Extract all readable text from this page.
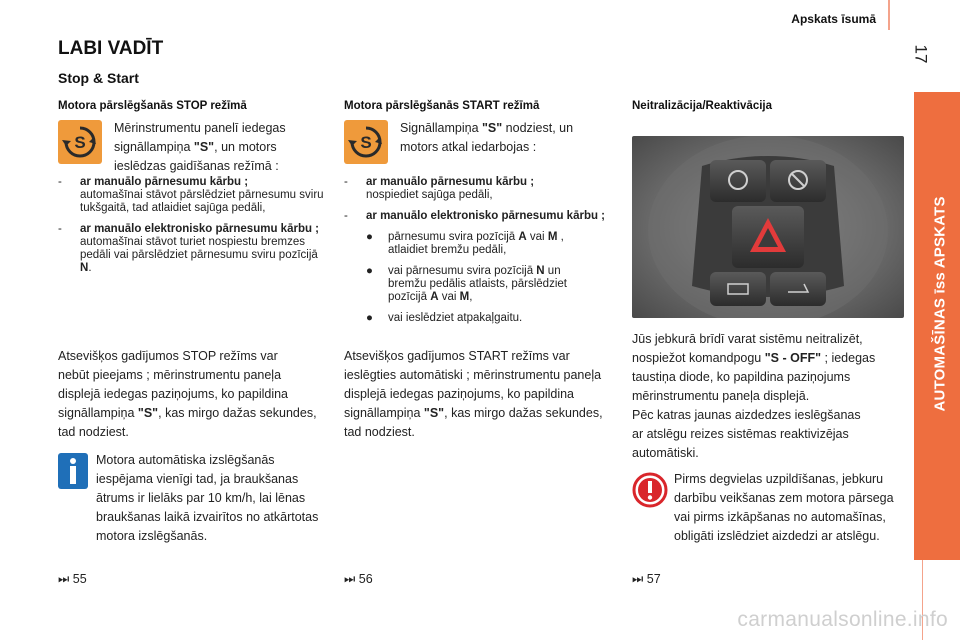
Apskats īsumā
17
AUTOMAŠĪNAS īss APSKATS
LABI VADĪT
Stop & Start
Motora pārslēgšanās STOP režīmā
S
Mērinstrumentu panelī iedegas
signāllampiņa "S", un motors
ieslēdzas gaidīšanas režīmā :
-	ar manuālo pārnesumu kārbu ;
automašīnai stāvot pārslēdziet pārnesumu sviru tukšgaitā, tad atlaidiet sajūga pedāli,
-	ar manuālo elektronisko pārnesumu kārbu ; automašīnai stāvot turiet nospiestu bremzes pedāli vai pārslēdziet pārnesumu sviru pozīcijā N.
Atsevišķos gadījumos STOP režīms var
nebūt pieejams ; mērinstrumentu paneļa
displejā iedegas paziņojums, ko papildina
signāllampiņa "S", kas mirgo dažas sekundes,
tad nodziest.
Motora automātiska izslēgšanās
iespējama vienīgi tad, ja braukšanas
ātrums ir lielāks par 10 km/h, lai lēnas
braukšanas laikā izvairītos no atkārtotas
motora izslēgšanās.
⏭ 55
Motora pārslēgšanās START režīmā
S
Signāllampiņa "S" nodziest, un
motors atkal iedarbojas :
-	ar manuālo pārnesumu kārbu ;
nospiediet sajūga pedāli,
-	ar manuālo elektronisko pārnesumu kārbu ;
●	pārnesumu svira pozīcijā A vai M ,
atlaidiet bremžu pedāli,
●	vai pārnesumu svira pozīcijā N un
bremžu pedālis atlaists, pārslēdziet
pozīcijā A vai M,
●	vai ieslēdziet atpakaļgaitu.
Atsevišķos gadījumos START režīms var
ieslēgties automātiski ; mērinstrumentu paneļa
displejā iedegas paziņojums, ko papildina
signāllampiņa "S", kas mirgo dažas sekundes,
tad nodziest.
⏭ 56
Neitralizācija/Reaktivācija
Jūs jebkurā brīdī varat sistēmu neitralizēt,
nospiežot komandpogu "S - OFF" ; iedegas
taustiņa diode, ko papildina paziņojums
mērinstrumentu paneļa displejā.
Pēc katras jaunas aizdedzes ieslēgšanas
ar atslēgu reizes sistēmas reaktivizējas
automātiski.
Pirms degvielas uzpildīšanas, jebkuru
darbību veikšanas zem motora pārsega
vai pirms izkāpšanas no automašīnas,
obligāti izslēdziet aizdedzi ar atslēgu.
⏭ 57
carmanualsonline.info
